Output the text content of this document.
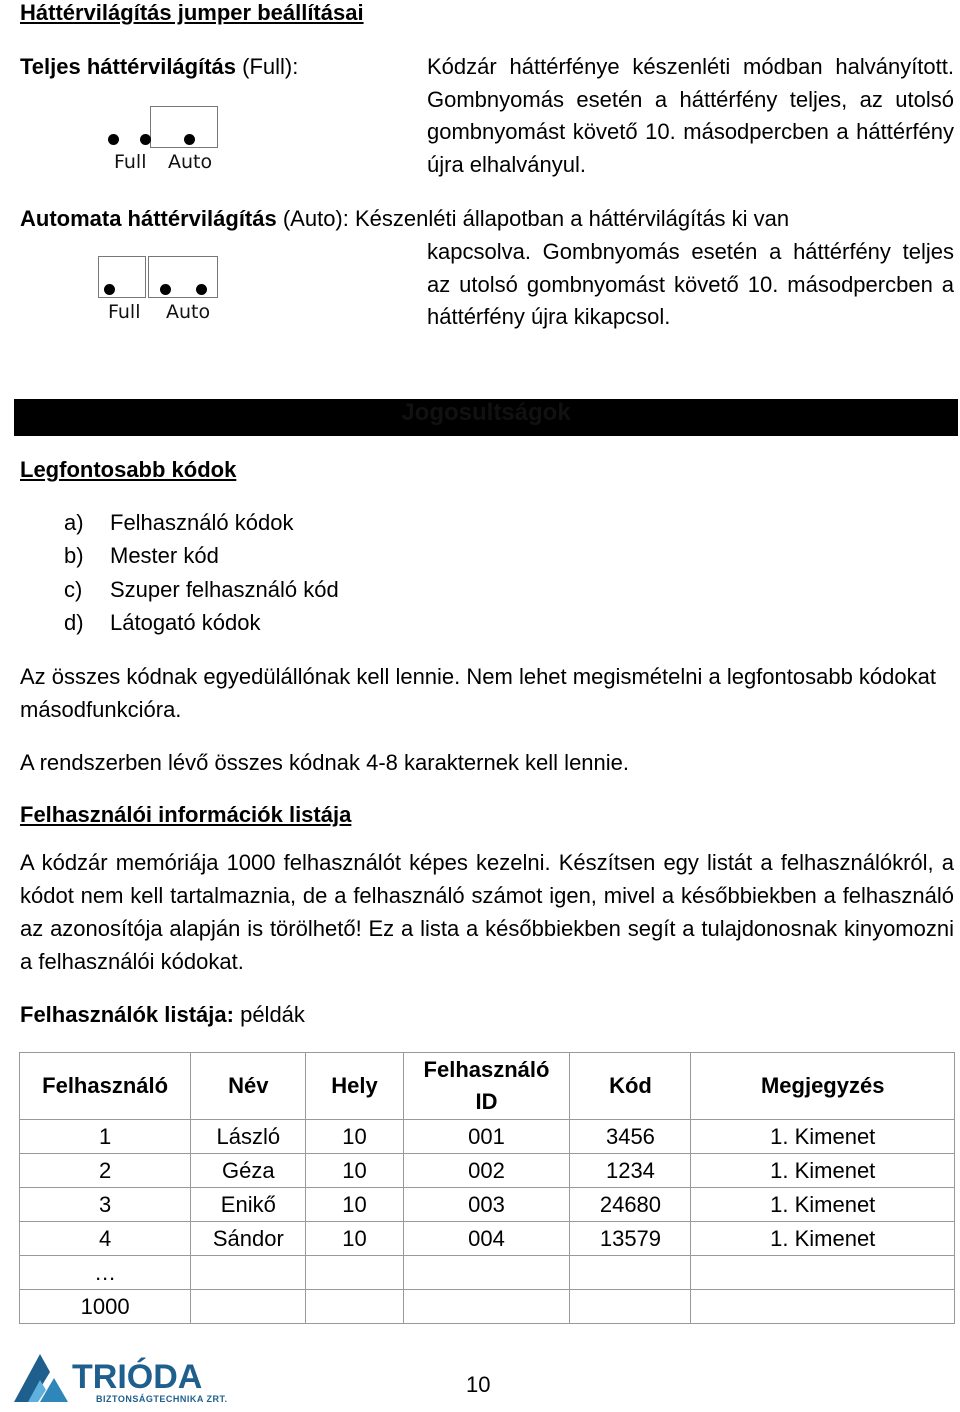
Háttérvilágítás jumper beállításai
Teljes háttérvilágítás (Full):	Kódzár háttérfénye készenléti módban halványított. Gombnyomás esetén a háttérfény teljes, az utolsó gombnyomást követő 10. másodpercben a háttérfény újra elhalványul.
Full Auto
Automata háttérvilágítás (Auto): Készenléti állapotban a háttérvilágítás ki van
kapcsolva. Gombnyomás esetén a háttérfény teljes az utolsó gombnyomást követő 10. másodpercben a háttérfény újra kikapcsol.
Full Auto
Jogosultságok
Legfontosabb kódok
a) Felhasználó kódok
b) Mester kód
c) Szuper felhasználó kód
d) Látogató kódok
Az összes kódnak egyedülállónak kell lennie. Nem lehet megismételni a legfontosabb kódokat másodfunkcióra.
A rendszerben lévő összes kódnak 4-8 karakternek kell lennie.
Felhasználói információk listája
A kódzár memóriája 1000 felhasználót képes kezelni. Készítsen egy listát a felhasználókról, a kódot nem kell tartalmaznia, de a felhasználó számot igen, mivel a későbbiekben a felhasználó az azonosítója alapján is törölhető! Ez a lista a későbbiekben segít a tulajdonosnak kinyomozni a felhasználói kódokat.
Felhasználók listája: példák
Felhasználó	Név	Hely	Felhasználó ID	Kód	Megjegyzés
1	László	10	001	3456	1. Kimenet
2	Géza	10	002	1234	1. Kimenet
3	Enikő	10	003	24680	1. Kimenet
4	Sándor	10	004	13579	1. Kimenet
…					
1000					
TRIÓDA
BIZTONSÁGTECHNIKA ZRT.
10
